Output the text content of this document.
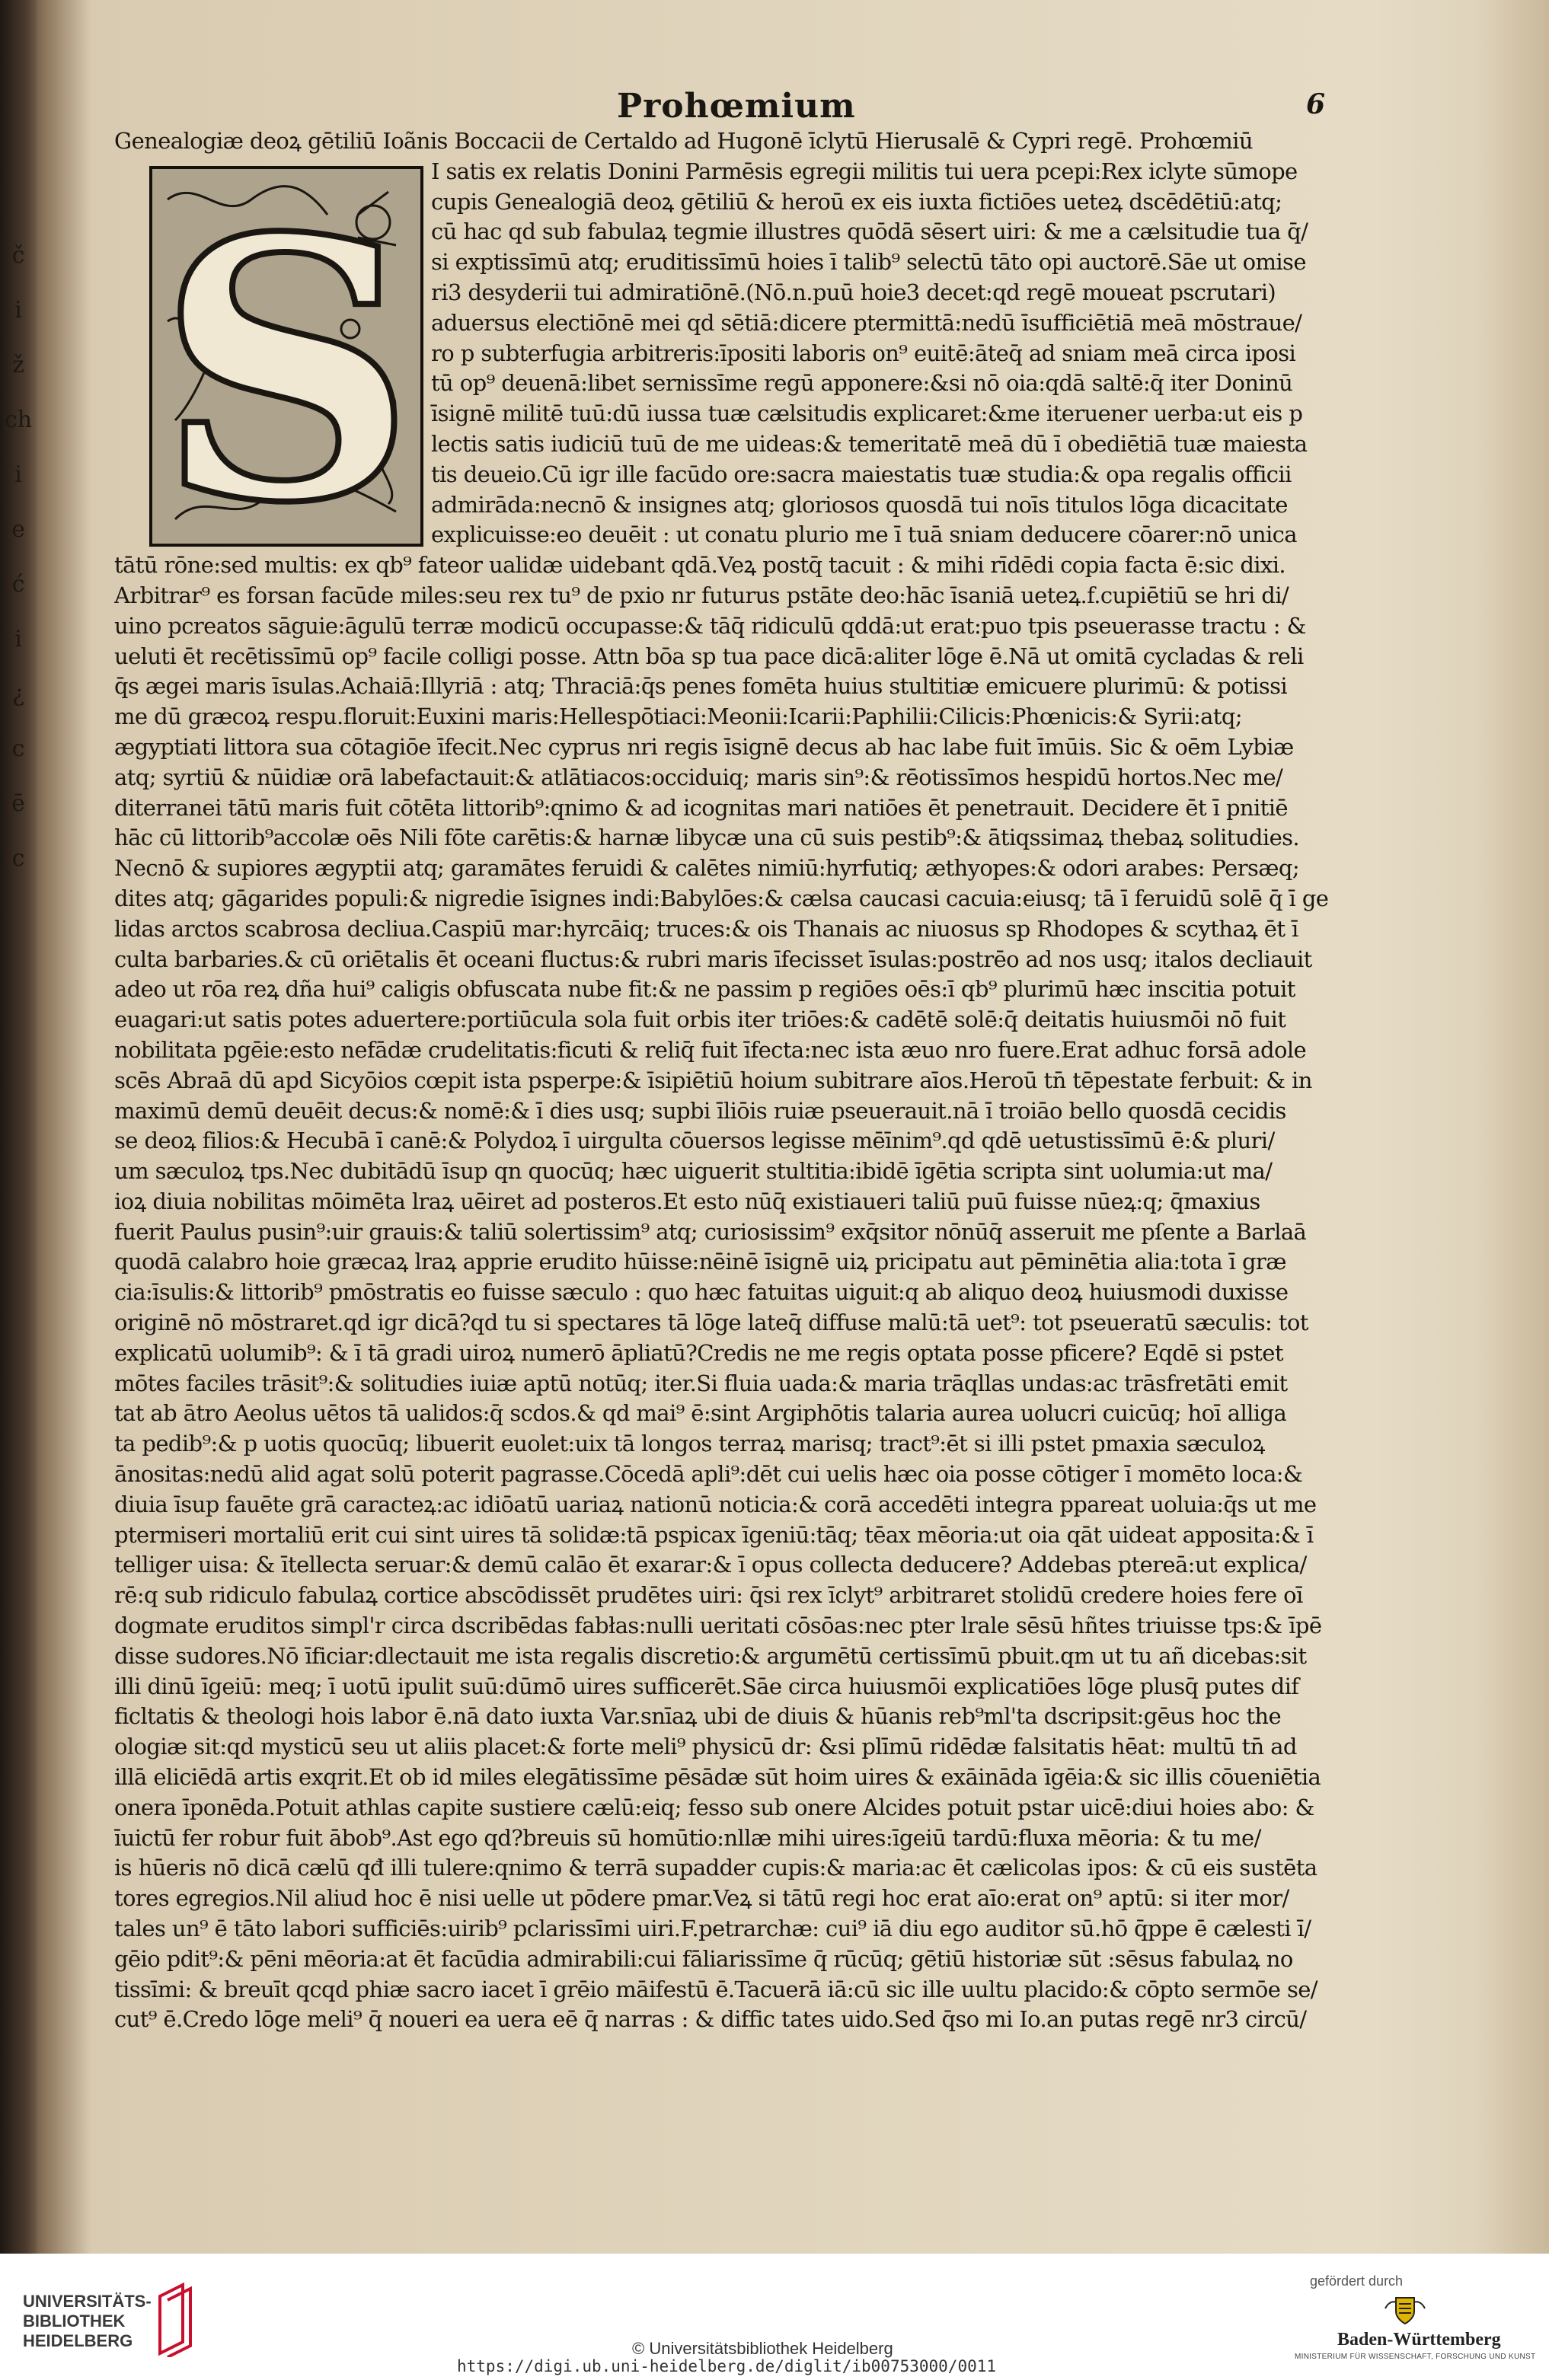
č
i
ž
ch
i
e
ć
i
¿
c
ē
c
Prohœmium	6
S
Genealogiæ deoꝝ gētiliū Ioãnis Boccacii de Certaldo ad Hugonē īclytū Hierusalē & Cypri regē. Prohœmiū
I satis ex relatis Donini Parmēsis egregii militis tui uera pcepi:Rex iclyte sūmope
cupis Genealogiā deoꝝ gētiliū & heroū ex eis iuxta fictiōes ueteꝝ dscēdētiū:atq;
cū hac qd sub fabulaꝝ tegmie illustres quōdā sēsert uiri: & me a cælsitudie tua q̄/
si exptissīmū atq; eruditissīmū hoies ī talib⁹ selectū tāto opi auctorē.Sāe ut omise
ri3 desyderii tui admiratiōnē.(Nō.n.puū hoie3 decet:qd regē moueat pscrutari)
aduersus electiōnē mei qd sētiā:dicere ptermittā:nedū īsufficiētiā meā mōstraue/
ro p subterfugia arbitreris:īpositi laboris on⁹ euitē:āteq̄ ad sniam meā circa iposi
tū op⁹ deuenā:libet sernissīme regū apponere:&si nō oia:qdā saltē:q̄ iter Doninū
īsignē militē tuū:dū iussa tuæ cælsitudis explicaret:&me iteruener uerba:ut eis p
lectis satis iudiciū tuū de me uideas:& temeritatē meā dū ī obediētiā tuæ maiesta
tis deueio.Cū igr ille facūdo ore:sacra maiestatis tuæ studia:& opa regalis officii
admirāda:necnō & insignes atq; gloriosos quosdā tui noīs titulos lōga dicacitate
explicuisse:eo deuēit : ut conatu plurio me ī tuā sniam deducere cōarer:nō unica
tātū rōne:sed multis: ex qb⁹ fateor ualidæ uidebant qdā.Veꝝ postq̄ tacuit : & mihi rīdēdi copia facta ē:sic dixi.
Arbitrar⁹ es forsan facūde miles:seu rex tu⁹ de pxio nr futurus pstāte deo:hāc īsaniā ueteꝝ.f.cupiētiū se hri di/
uino pcreatos sāguie:āgulū terræ modicū occupasse:& tāq̄ ridiculū qddā:ut erat:puo tpis pseuerasse tractu : &
ueluti ēt recētissīmū op⁹ facile colligi posse. Attn bōa sp tua pace dicā:aliter lōge ē.Nā ut omitā cycladas & reli
q̄s ægei maris īsulas.Achaiā:Illyriā : atq; Thraciā:q̄s penes fomēta huius stultitiæ emicuere plurimū: & potissi
me dū græcoꝝ respu.floruit:Euxini maris:Hellespōtiaci:Meonii:Icarii:Paphilii:Cilicis:Phœnicis:& Syrii:atq;
ægyptiati littora sua cōtagiōe īfecit.Nec cyprus nri regis īsignē decus ab hac labe fuit īmūis. Sic & oēm Lybiæ
atq; syrtiū & nūidiæ orā labefactauit:& atlātiacos:occiduiq; maris sin⁹:& rēotissīmos hespidū hortos.Nec me/
diterranei tātū maris fuit cōtēta littorib⁹:qnimo & ad icognitas mari natiōes ēt penetrauit. Decidere ēt ī pnitiē
hāc cū littorib⁹accolæ oēs Nili fōte carētis:& harnæ libycæ una cū suis pestib⁹:& ātiqssimaꝝ thebaꝝ solitudies.
Necnō & supiores ægyptii atq; garamātes feruidi & calētes nimiū:hyrfutiq; æthyopes:& odori arabes: Persæq;
dites atq; gāgarides populi:& nigredie īsignes indi:Babylōes:& cælsa caucasi cacuia:eiusq; tā ī feruidū solē q̄ ī ge
lidas arctos scabrosa decliua.Caspiū mar:hyrcāiq; truces:& ois Thanais ac niuosus sp Rhodopes & scythaꝝ ēt ī
culta barbaries.& cū oriētalis ēt oceani fluctus:& rubri maris īfecisset īsulas:postrēo ad nos usq; italos decliauit
adeo ut rōa reꝝ dña hui⁹ caligis obfuscata nube fit:& ne passim p regiōes oēs:ī qb⁹ plurimū hæc inscitia potuit
euagari:ut satis potes aduertere:portiūcula sola fuit orbis iter triōes:& cadētē solē:q̄ deitatis huiusmōi nō fuit
nobilitata pgēie:esto nefādæ crudelitatis:ficuti & reliq̄ fuit īfecta:nec ista æuo nro fuere.Erat adhuc forsā adole
scēs Abraā dū apd Sicyōios cœpit ista psperpe:& īsipiētiū hoium subitrare aīos.Heroū tn̄ tēpestate ferbuit: & in
maximū demū deuēit decus:& nomē:& ī dies usq; supbi īliōis ruiæ pseuerauit.nā ī troiāo bello quosdā cecidis
se deoꝝ filios:& Hecubā ī canē:& Polydoꝝ ī uirgulta cōuersos legisse mēīnim⁹.qd qdē uetustissīmū ē:& pluri/
um sæculoꝝ tps.Nec dubitādū īsup qn quocūq; hæc uiguerit stultitia:ibidē īgētia scripta sint uolumia:ut ma/
ioꝝ diuia nobilitas mōimēta lraꝝ uēiret ad posteros.Et esto nūq̄ existiaueri taliū puū fuisse nūeꝝ:q; q̄maxius
fuerit Paulus pusin⁹:uir grauis:& taliū solertissim⁹ atq; curiosissim⁹ exq̄sitor nōnūq̄ asseruit me pſente a Barlaā
quodā calabro hoie græcaꝝ lraꝝ apprie erudito hūisse:nēinē īsignē uiꝝ pricipatu aut pēminētia alia:tota ī græ
cia:īsulis:& littorib⁹ pmōstratis eo fuisse sæculo : quo hæc fatuitas uiguit:q ab aliquo deoꝝ huiusmodi duxisse
originē nō mōstraret.qd igr dicā?qd tu si spectares tā lōge lateq̄ diffuse malū:tā uet⁹: tot pseueratū sæculis: tot
explicatū uolumib⁹: & ī tā gradi uiroꝝ numerō āpliatū?Credis ne me regis optata posse pficere? Eqdē si pstet
mōtes faciles trāsit⁹:& solitudies iuiæ aptū notūq; iter.Si fluia uada:& maria trāqllas undas:ac trāsfretāti emit
tat ab ātro Aeolus uētos tā ualidos:q̄ scdos.& qd mai⁹ ē:sint Argiphōtis talaria aurea uolucri cuicūq; hoī alliga
ta pedib⁹:& p uotis quocūq; libuerit euolet:uix tā longos terraꝝ marisq; tract⁹:ēt si illi pstet pmaxia sæculoꝝ
ānositas:nedū alid agat solū poterit pagrasse.Cōcedā apli⁹:dēt cui uelis hæc oia posse cōtiger ī momēto loca:&
diuia īsup fauēte grā caracteꝝ:ac idiōatū uariaꝝ nationū noticia:& corā accedēti integra ppareat uoluia:q̄s ut me
ptermiseri mortaliū erit cui sint uires tā solidæ:tā pspicax īgeniū:tāq; tēax mēoria:ut oia qāt uideat apposita:& ī
telliger uisa: & ītellecta seruar:& demū calāo ēt exarar:& ī opus collecta deducere? Addebas ptereā:ut explica/
rē:q sub ridiculo fabulaꝝ cortice abscōdissēt prudētes uiri: q̄si rex īclyt⁹ arbitraret stolidū credere hoies fere oī
dogmate eruditos simpl'r circa dscribēdas fabłas:nulli ueritati cōsōas:nec pter lrale sēsū hñtes triuisse tps:& īpē
disse sudores.Nō īficiar:dlectauit me ista regalis discretio:& argumētū certissīmū pbuit.qm ut tu añ dicebas:sit
illi dinū īgeiū: meq; ī uotū ipulit suū:dūmō uires sufficerēt.Sāe circa huiusmōi explicatiōes lōge plusq̄ putes dif
ficltatis & theologi hois labor ē.nā dato iuxta Var.snīaꝝ ubi de diuis & hūanis reb⁹ml'ta dscripsit:gēus hoc the
ologiæ sit:qd mysticū seu ut aliis placet:& forte meli⁹ physicū dr: &si plīmū ridēdæ falsitatis hēat: multū tn̄ ad
illā eliciēdā artis exqrit.Et ob id miles elegātissīme pēsādæ sūt hoim uires & exāināda īgēia:& sic illis cōueniētia
onera īponēda.Potuit athlas capite sustiere cælū:eiq; fesso sub onere Alcides potuit pstar uicē:diui hoies abo: &
īuictū fer robur fuit ābob⁹.Ast ego qd?breuis sū homūtio:nllæ mihi uires:īgeiū tardū:fluxa mēoria: & tu me/
is hūeris nō dicā cælū qđ illi tulere:qnimo & terrā supadder cupis:& maria:ac ēt cælicolas ipos: & cū eis sustēta
tores egregios.Nil aliud hoc ē nisi uelle ut pōdere pmar.Veꝝ si tātū regi hoc erat aīo:erat on⁹ aptū: si iter mor/
tales un⁹ ē tāto labori sufficiēs:uirib⁹ pclarissīmi uiri.F.petrarchæ: cui⁹ iā diu ego auditor sū.hō q̄ppe ē cælesti ī/
gēio pdit⁹:& pēni mēoria:at ēt facūdia admirabili:cui fāliarissīme q̄ rūcūq; gētiū historiæ sūt :sēsus fabulaꝝ no
tissīmi: & breuīt qcqd phiæ sacro iacet ī grēio māifestū ē.Tacuerā iā:cū sic ille uultu placido:& cōpto sermōe se/
cut⁹ ē.Credo lōge meli⁹ q̄ noueri ea uera eē q̄ narras : & diffic tates uido.Sed q̄so mi Io.an putas regē nr3 circū/
UNIVERSITÄTS-
BIBLIOTHEK
HEIDELBERG	© Universitätsbibliothek Heidelberg
https://digi.ub.uni-heidelberg.de/diglit/ib00753000/0011
gefördert durch
Baden-Württemberg
MINISTERIUM FÜR WISSENSCHAFT, FORSCHUNG UND KUNST
